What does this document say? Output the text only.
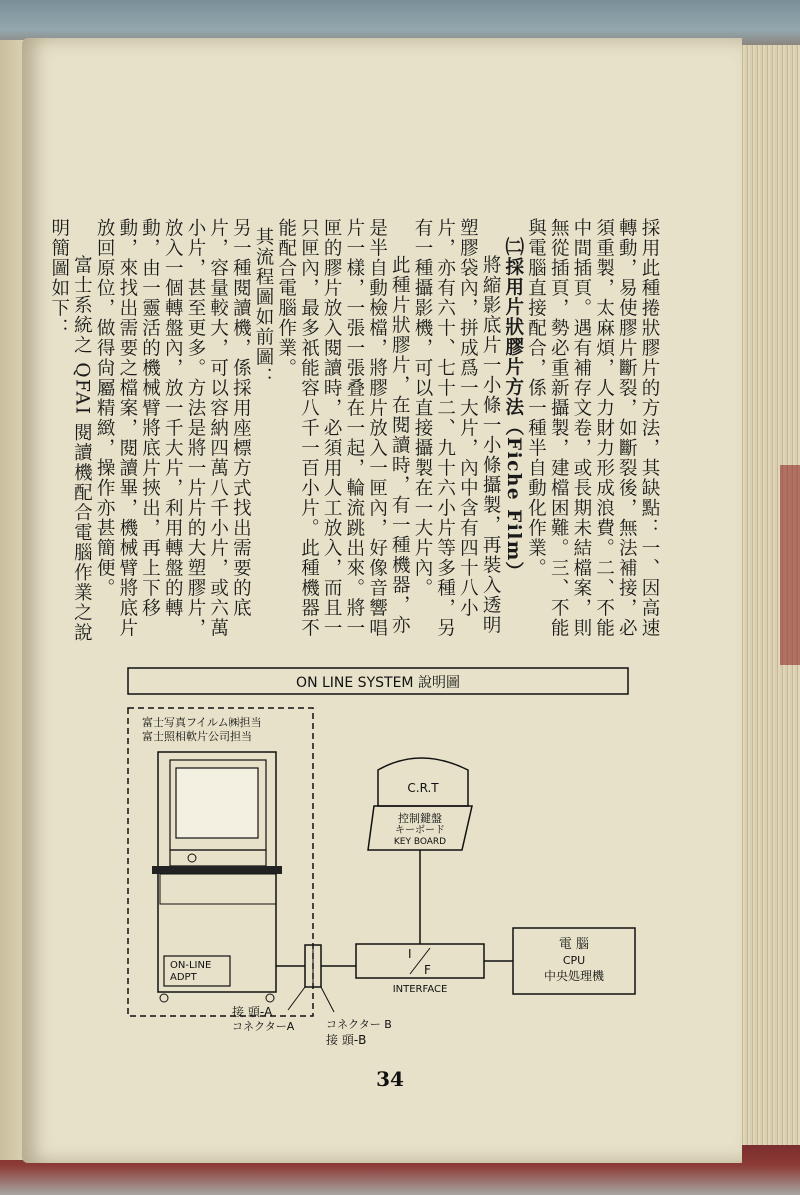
採用此種捲狀膠片的方法，其缺點：一、因高速轉動，易使膠片斷裂，如斷裂後，無法補接，必須重製，太麻煩，人力財力形成浪費。二、不能中間插頁。遇有補存文卷，或長期未結檔案，則無從插頁，勢必重新攝製，建檔困難。三、不能與電腦直接配合，係一種半自動化作業。

㈡採用片狀膠片方法（Fiche Film）

將縮影底片一小條一小條攝製，再裝入透明塑膠袋內，拼成爲一大片，內中含有四十八小片，亦有六十、七十二、九十六小片等多種，另有一種攝影機，可以直接攝製在一大片內。

此種片狀膠片，在閱讀時，有一種機器，亦是半自動檢檔，將膠片放入一匣內，好像音響唱片一樣，一張一張叠在一起，輪流跳出來。將一匣的膠片放入閱讀時，必須用人工放入，而且一只匣內，最多祇能容八千一百小片。此種機器不能配合電腦作業。

其流程圖如前圖：

另一種閱讀機，係採用座標方式找出需要的底片，容量較大，可以容納四萬八千小片，或六萬小片，甚至更多。方法是將一片片的大塑膠片，放入一個轉盤內，放一千大片，利用轉盤的轉動，由一靈活的機械臂將底片挾出，再上下移動，來找出需要之檔案，閱讀畢，機械臂將底片放回原位，做得尙屬精緻，操作亦甚簡便。

富士系統之 QFAI 閱讀機配合電腦作業之說明簡圖如下：

ON LINE SYSTEM 說明圖
富士写真フイルム㈱担当
富士照相軟片公司担当
ON-LINE
ADPT
接 頭-A
コネクターA	コネクター B
接 頭-B
C.R.T
控制鍵盤
キーボード
KEY BOARD
I
F
INTERFACE
電 腦
CPU
中央処理機
34
